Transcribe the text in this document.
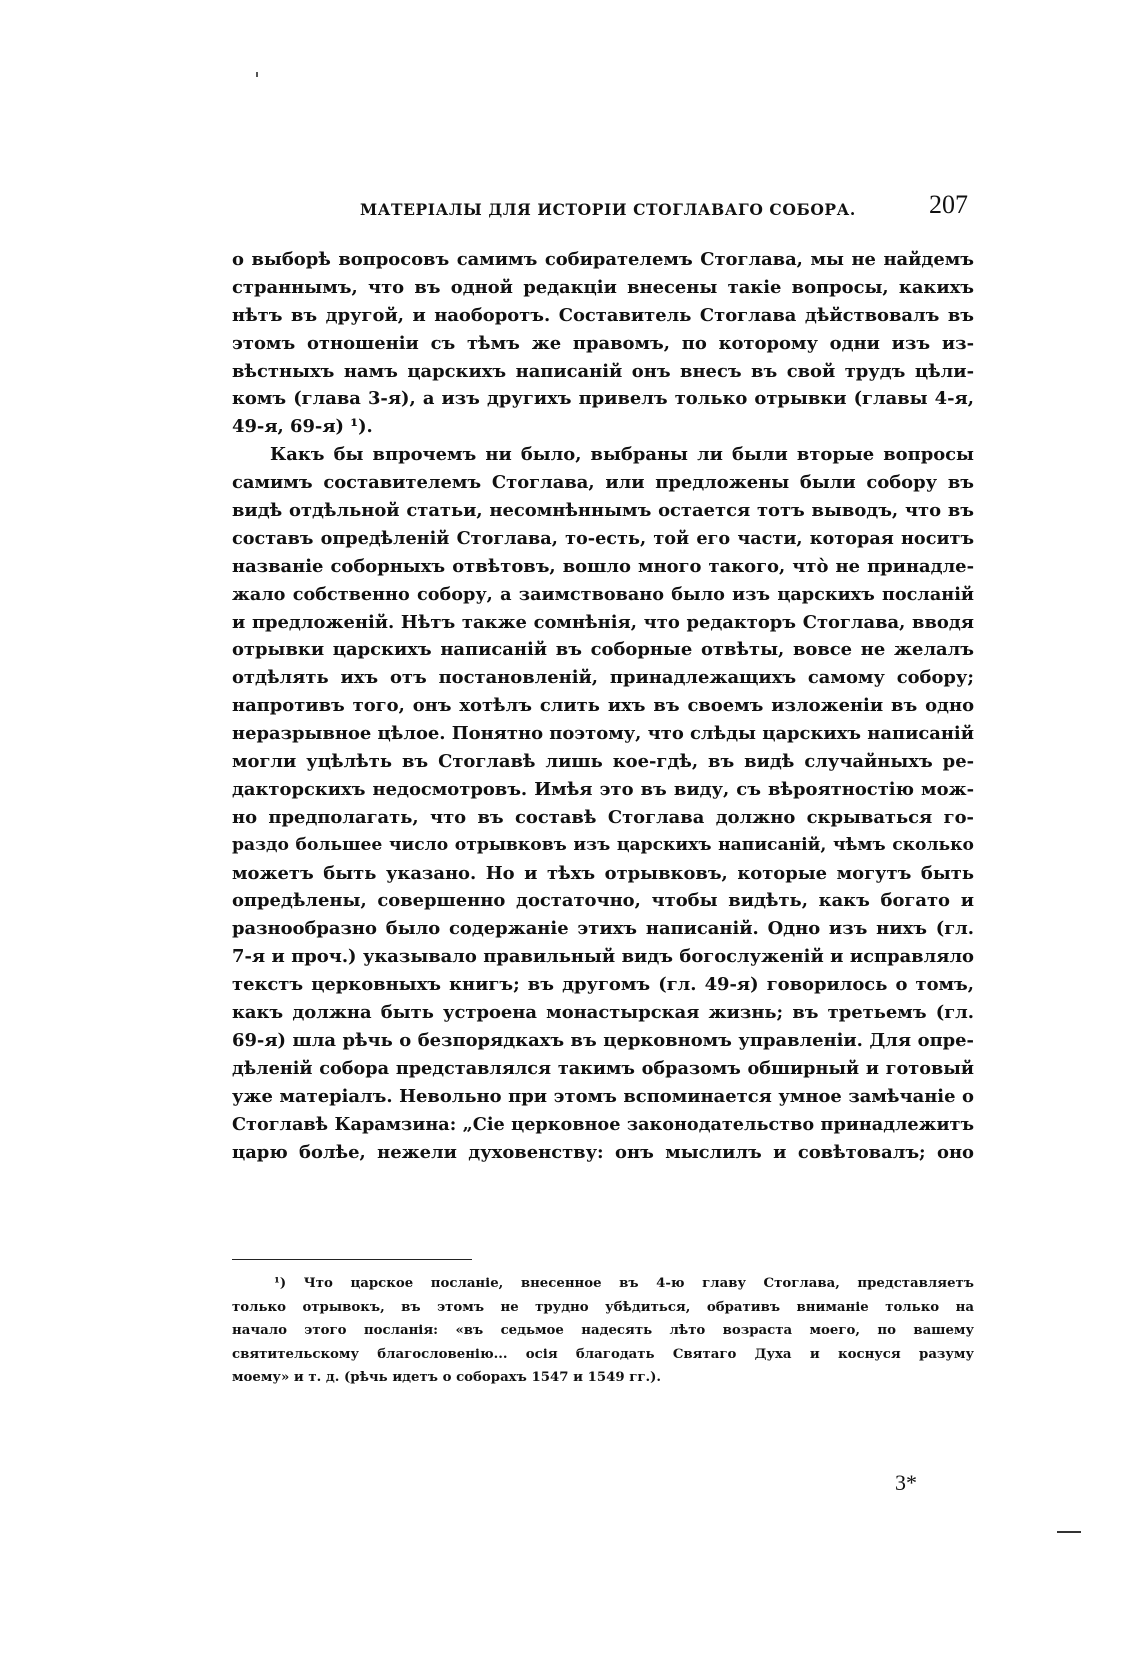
МАТЕРІАЛЫ ДЛЯ ИСТОРІИ СТОГЛАВАГО СОБОРА.	207
о выборѣ вопросовъ самимъ собирателемъ Стоглава, мы не найдемъ
страннымъ, что въ одной редакціи внесены такіе вопросы, какихъ
нѣтъ въ другой, и наоборотъ. Составитель Стоглава дѣйствовалъ въ
этомъ отношеніи съ тѣмъ же правомъ, по которому одни изъ из-
вѣстныхъ намъ царскихъ написаній онъ внесъ въ свой трудъ цѣли-
комъ (глава 3-я), а изъ другихъ привелъ только отрывки (главы 4-я,
49-я, 69-я) ¹).
Какъ бы впрочемъ ни было, выбраны ли были вторые вопросы
самимъ составителемъ Стоглава, или предложены были собору въ
видѣ отдѣльной статьи, несомнѣннымъ остается тотъ выводъ, что въ
составъ опредѣленій Стоглава, то-есть, той его части, которая носитъ
названіе соборныхъ отвѣтовъ, вошло много такого, что̀ не принадле-
жало собственно собору, а заимствовано было изъ царскихъ посланій
и предложеній. Нѣтъ также сомнѣнія, что редакторъ Стоглава, вводя
отрывки царскихъ написаній въ соборные отвѣты, вовсе не желалъ
отдѣлять ихъ отъ постановленій, принадлежащихъ самому собору;
напротивъ того, онъ хотѣлъ слить ихъ въ своемъ изложеніи въ одно
неразрывное цѣлое. Понятно поэтому, что слѣды царскихъ написаній
могли уцѣлѣть въ Стоглавѣ лишь кое-гдѣ, въ видѣ случайныхъ ре-
дакторскихъ недосмотровъ. Имѣя это въ виду, съ вѣроятностію мож-
но предполагать, что въ составѣ Стоглава должно скрываться го-
раздо большее число отрывковъ изъ царскихъ написаній, чѣмъ сколько
можетъ быть указано. Но и тѣхъ отрывковъ, которые могутъ быть
опредѣлены, совершенно достаточно, чтобы видѣть, какъ богато и
разнообразно было содержаніе этихъ написаній. Одно изъ нихъ (гл.
7-я и проч.) указывало правильный видъ богослуженій и исправляло
текстъ церковныхъ книгъ; въ другомъ (гл. 49-я) говорилось о томъ,
какъ должна быть устроена монастырская жизнь; въ третьемъ (гл.
69-я) шла рѣчь о безпорядкахъ въ церковномъ управленіи. Для опре-
дѣленій собора представлялся такимъ образомъ обширный и готовый
уже матеріалъ. Невольно при этомъ вспоминается умное замѣчаніе о
Стоглавѣ Карамзина: „Сіе церковное законодательство принадлежитъ
царю болѣе, нежели духовенству: онъ мыслилъ и совѣтовалъ; оно
¹) Что царское посланіе, внесенное въ 4-ю главу Стоглава, представляетъ
только отрывокъ, въ этомъ не трудно убѣдиться, обративъ вниманіе только на
начало этого посланія: «въ седьмое надесять лѣто возраста моего, по вашему
святительскому благословенію... осія благодать Святаго Духа и коснуся разуму
моему» и т. д. (рѣчь идетъ о соборахъ 1547 и 1549 гг.).
3*
